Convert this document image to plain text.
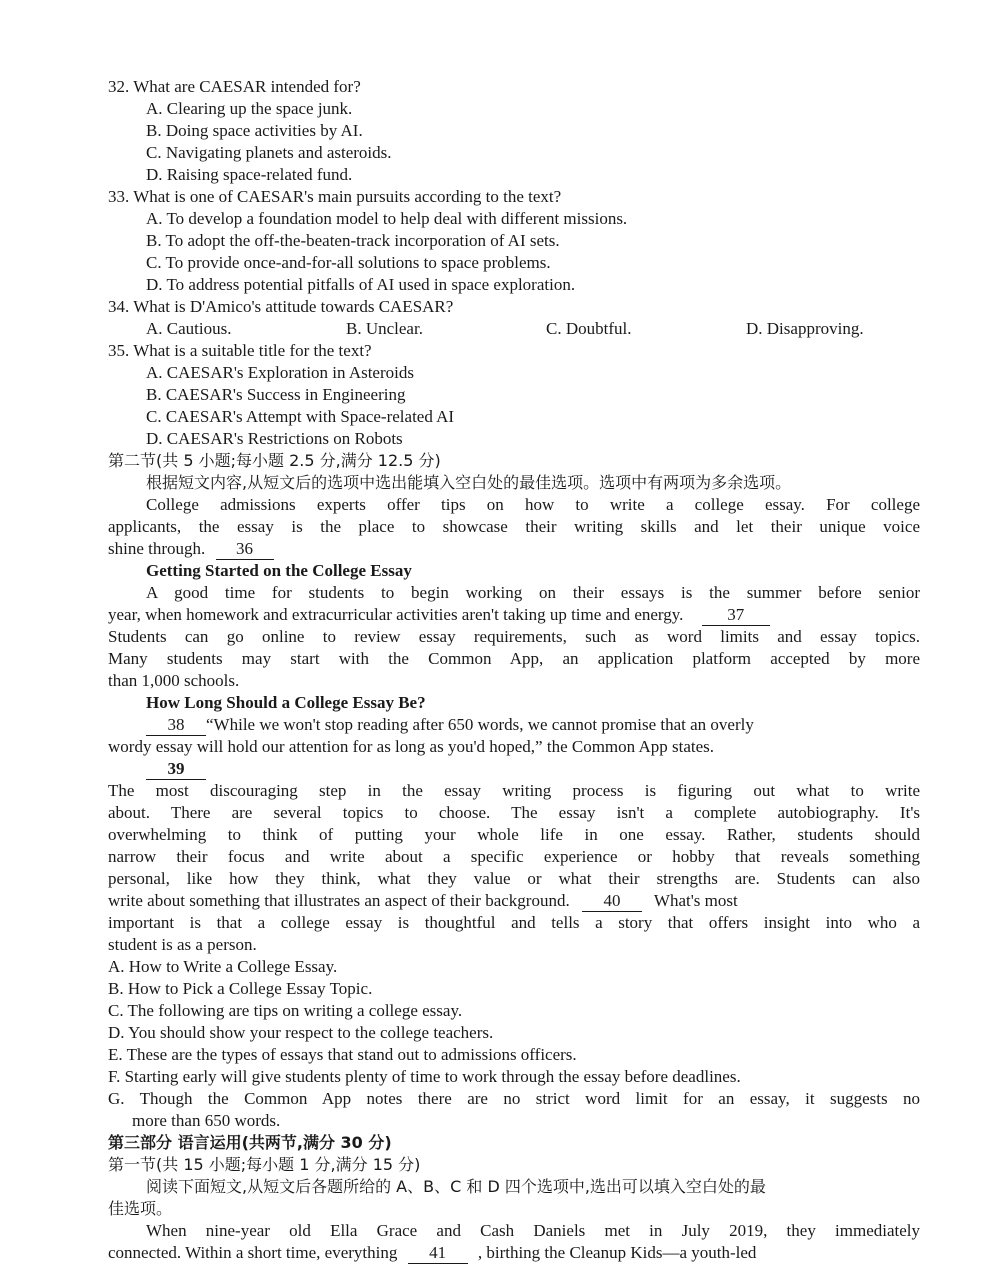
32. What are CAESAR intended for?
A. Clearing up the space junk.
B. Doing space activities by AI.
C. Navigating planets and asteroids.
D. Raising space-related fund.
33. What is one of CAESAR's main pursuits according to the text?
A. To develop a foundation model to help deal with different missions.
B. To adopt the off-the-beaten-track incorporation of AI sets.
C. To provide once-and-for-all solutions to space problems.
D. To address potential pitfalls of AI used in space exploration.
34. What is D'Amico's attitude towards CAESAR?
A. Cautious.	B. Unclear.	C. Doubtful.	D. Disapproving.
35. What is a suitable title for the text?
A. CAESAR's Exploration in Asteroids
B. CAESAR's Success in Engineering
C. CAESAR's Attempt with Space-related AI
D. CAESAR's Restrictions on Robots
第二节(共 5 小题;每小题 2.5 分,满分 12.5 分)
根据短文内容,从短文后的选项中选出能填入空白处的最佳选项。选项中有两项为多余选项。
College admissions experts offer tips on how to write a college essay. For college
applicants, the essay is the place to showcase their writing skills and let their unique voice
shine through. 36
Getting Started on the College Essay
A good time for students to begin working on their essays is the summer before senior
year, when homework and extracurricular activities aren't taking up time and energy.	37
Students can go online to review essay requirements, such as word limits and essay topics.
Many students may start with the Common App, an application platform accepted by more
than 1,000 schools.
How Long Should a College Essay Be?
38 “While we won't stop reading after 650 words, we cannot promise that an overly
wordy essay will hold our attention for as long as you'd hoped,” the Common App states.
39
The most discouraging step in the essay writing process is figuring out what to write
about. There are several topics to choose. The essay isn't a complete autobiography. It's
overwhelming to think of putting your whole life in one essay. Rather, students should
narrow their focus and write about a specific experience or hobby that reveals something
personal, like how they think, what they value or what their strengths are. Students can also
write about something that illustrates an aspect of their background. 40 What's most
important is that a college essay is thoughtful and tells a story that offers insight into who a
student is as a person.
A. How to Write a College Essay.
B. How to Pick a College Essay Topic.
C. The following are tips on writing a college essay.
D. You should show your respect to the college teachers.
E. These are the types of essays that stand out to admissions officers.
F. Starting early will give students plenty of time to work through the essay before deadlines.
G. Though the Common App notes there are no strict word limit for an essay, it suggests no
more than 650 words.
第三部分 语言运用(共两节,满分 30 分)
第一节(共 15 小题;每小题 1 分,满分 15 分)
阅读下面短文,从短文后各题所给的 A、B、C 和 D 四个选项中,选出可以填入空白处的最
佳选项。
When nine-year old Ella Grace and Cash Daniels met in July 2019, they immediately
connected. Within a short time, everything 41 , birthing the Cleanup Kids—a youth-led
